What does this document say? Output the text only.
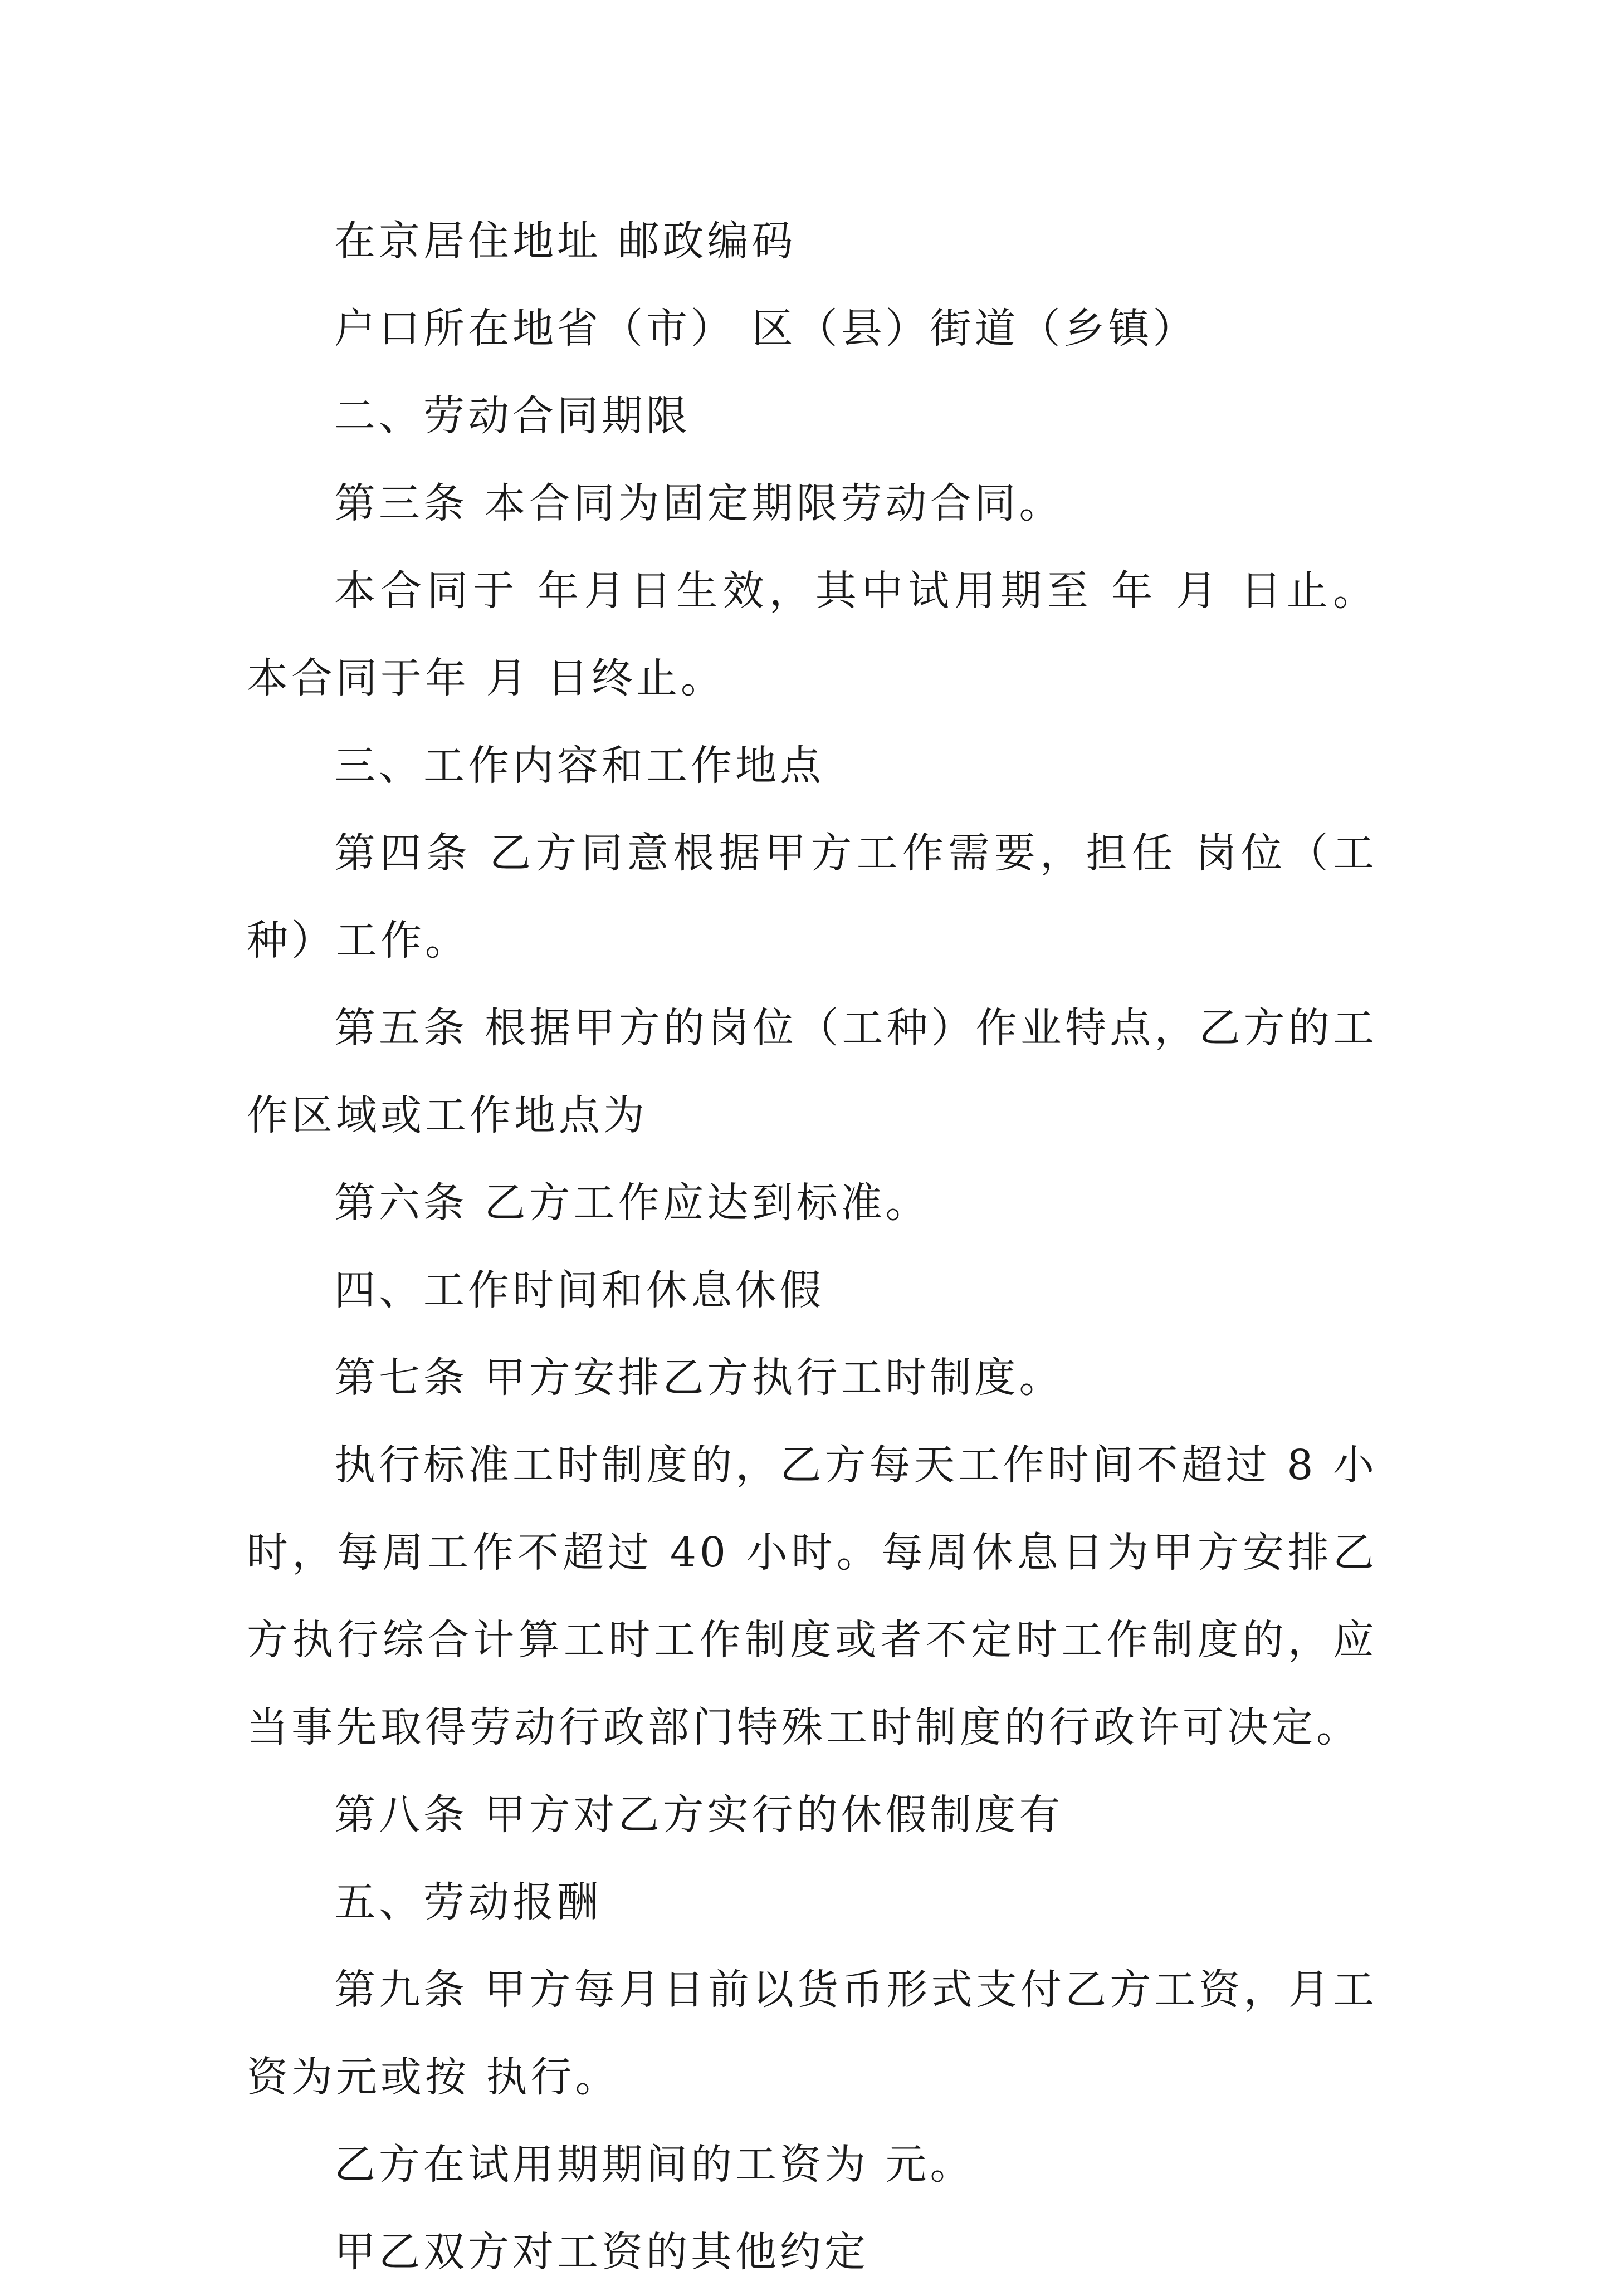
在京居住地址 邮政编码

户口所在地省（市） 区（县）街道（乡镇）

二、劳动合同期限

第三条 本合同为固定期限劳动合同。

本合同于 年月日生效，其中试用期至 年 月 日止。本合同于年 月 日终止。

三、工作内容和工作地点

第四条 乙方同意根据甲方工作需要，担任 岗位（工种）工作。

第五条 根据甲方的岗位（工种）作业特点，乙方的工作区域或工作地点为

第六条 乙方工作应达到标准。

四、工作时间和休息休假

第七条 甲方安排乙方执行工时制度。

执行标准工时制度的，乙方每天工作时间不超过 8 小时，每周工作不超过 40 小时。每周休息日为甲方安排乙方执行综合计算工时工作制度或者不定时工作制度的，应当事先取得劳动行政部门特殊工时制度的行政许可决定。

第八条 甲方对乙方实行的休假制度有

五、劳动报酬

第九条 甲方每月日前以货币形式支付乙方工资，月工资为元或按 执行。

乙方在试用期期间的工资为 元。

甲乙双方对工资的其他约定
